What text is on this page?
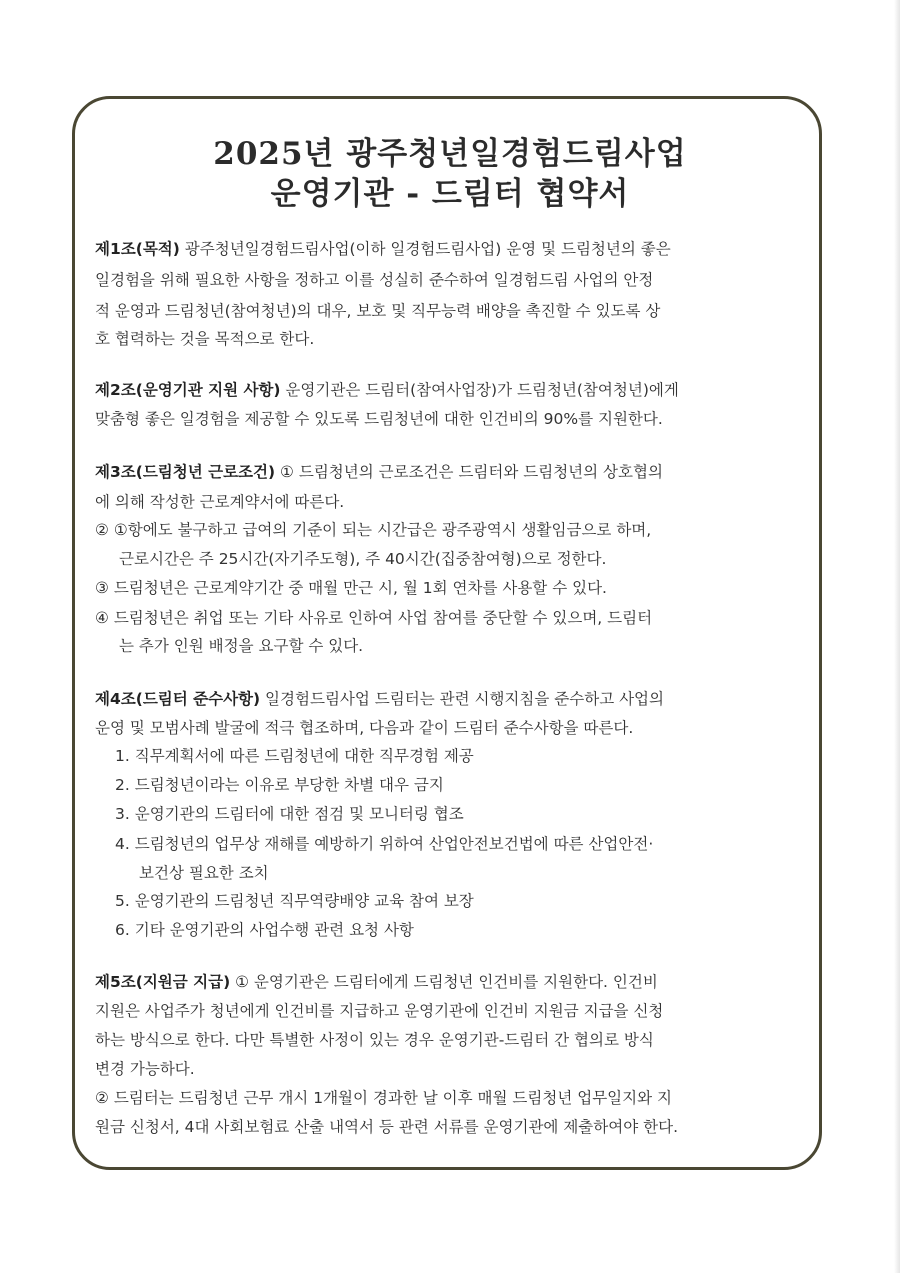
2025년 광주청년일경험드림사업
운영기관 - 드림터 협약서
제1조(목적) 광주청년일경험드림사업(이하 일경험드림사업) 운영 및 드림청년의 좋은
일경험을 위해 필요한 사항을 정하고 이를 성실히 준수하여 일경험드림 사업의 안정
적 운영과 드림청년(참여청년)의 대우, 보호 및 직무능력 배양을 촉진할 수 있도록 상
호 협력하는 것을 목적으로 한다.
제2조(운영기관 지원 사항) 운영기관은 드림터(참여사업장)가 드림청년(참여청년)에게
맞춤형 좋은 일경험을 제공할 수 있도록 드림청년에 대한 인건비의 90%를 지원한다.
제3조(드림청년 근로조건) ① 드림청년의 근로조건은 드림터와 드림청년의 상호협의
에 의해 작성한 근로계약서에 따른다.
② ①항에도 불구하고 급여의 기준이 되는 시간급은 광주광역시 생활임금으로 하며,
근로시간은 주 25시간(자기주도형), 주 40시간(집중참여형)으로 정한다.
③ 드림청년은 근로계약기간 중 매월 만근 시, 월 1회 연차를 사용할 수 있다.
④ 드림청년은 취업 또는 기타 사유로 인하여 사업 참여를 중단할 수 있으며, 드림터
는 추가 인원 배정을 요구할 수 있다.
제4조(드림터 준수사항) 일경험드림사업 드림터는 관련 시행지침을 준수하고 사업의
운영 및 모범사례 발굴에 적극 협조하며, 다음과 같이 드림터 준수사항을 따른다.
1. 직무계획서에 따른 드림청년에 대한 직무경험 제공
2. 드림청년이라는 이유로 부당한 차별 대우 금지
3. 운영기관의 드림터에 대한 점검 및 모니터링 협조
4. 드림청년의 업무상 재해를 예방하기 위하여 산업안전보건법에 따른 산업안전·
보건상 필요한 조치
5. 운영기관의 드림청년 직무역량배양 교육 참여 보장
6. 기타 운영기관의 사업수행 관련 요청 사항
제5조(지원금 지급) ① 운영기관은 드림터에게 드림청년 인건비를 지원한다. 인건비
지원은 사업주가 청년에게 인건비를 지급하고 운영기관에 인건비 지원금 지급을 신청
하는 방식으로 한다. 다만 특별한 사정이 있는 경우 운영기관-드림터 간 협의로 방식
변경 가능하다.
② 드림터는 드림청년 근무 개시 1개월이 경과한 날 이후 매월 드림청년 업무일지와 지
원금 신청서, 4대 사회보험료 산출 내역서 등 관련 서류를 운영기관에 제출하여야 한다.
